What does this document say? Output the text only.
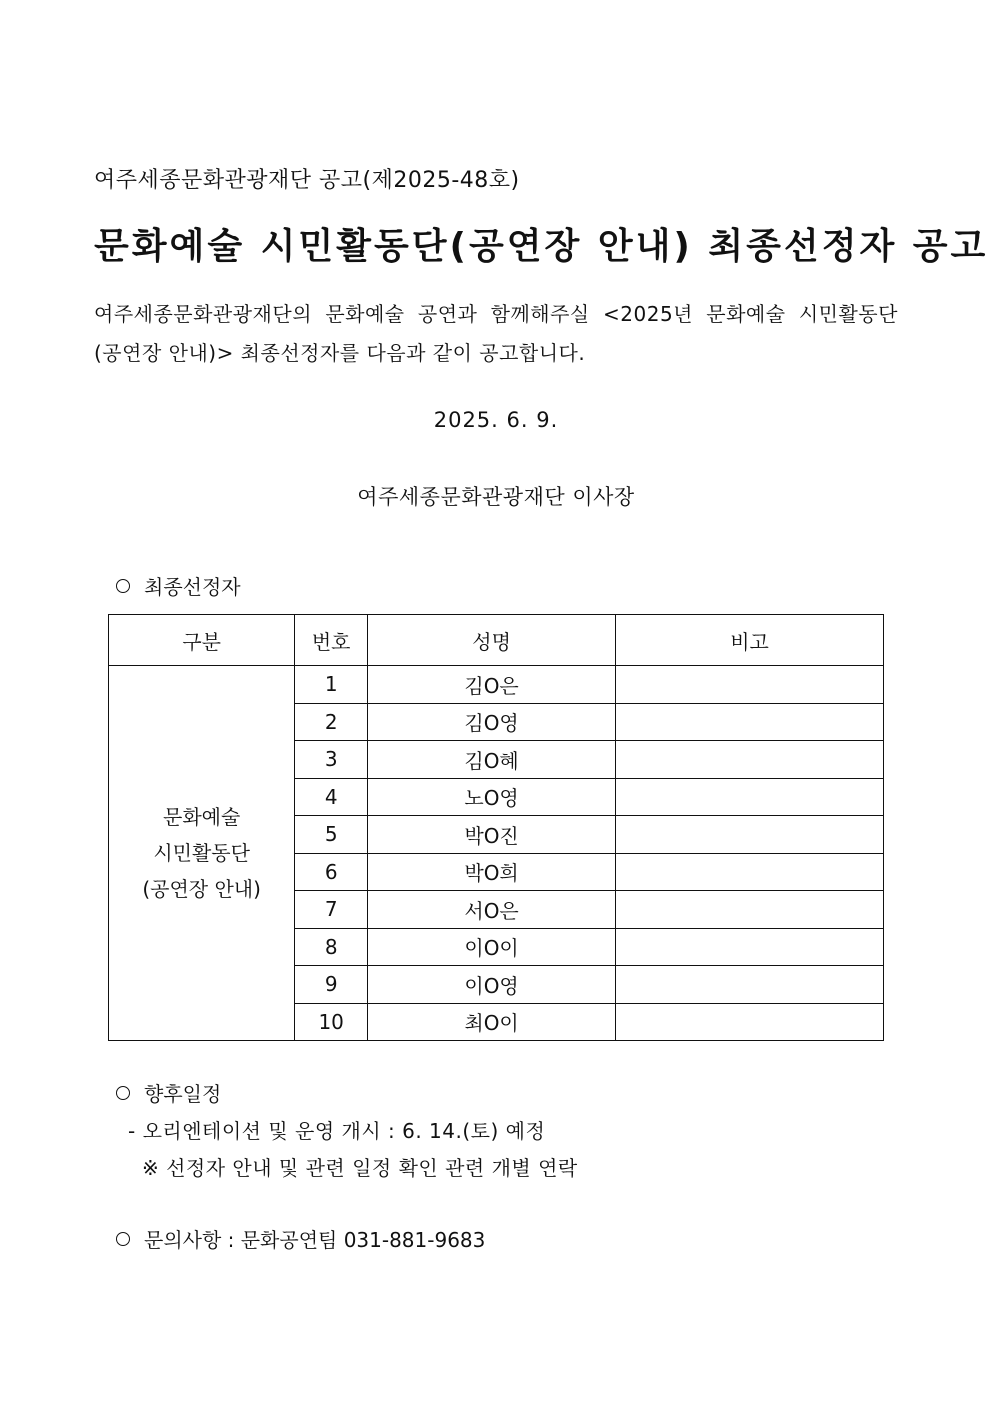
여주세종문화관광재단 공고(제2025-48호)
문화예술 시민활동단(공연장 안내) 최종선정자 공고
여주세종문화관광재단의 문화예술 공연과 함께해주실 <2025년 문화예술 시민활동단
(공연장 안내)> 최종선정자를 다음과 같이 공고합니다.
2025. 6. 9.
여주세종문화관광재단 이사장
최종선정자
구분	번호	성명	비고

문화예술
시민활동단
(공연장 안내)	1	김O은	
	2	김O영	
	3	김O혜	
	4	노O영	
	5	박O진	
	6	박O희	
	7	서O은	
	8	이O이	
	9	이O영	
	10	최O이	
향후일정
- 오리엔테이션 및 운영 개시 : 6. 14.(토) 예정
※ 선정자 안내 및 관련 일정 확인 관련 개별 연락
문의사항 : 문화공연팀 031-881-9683
